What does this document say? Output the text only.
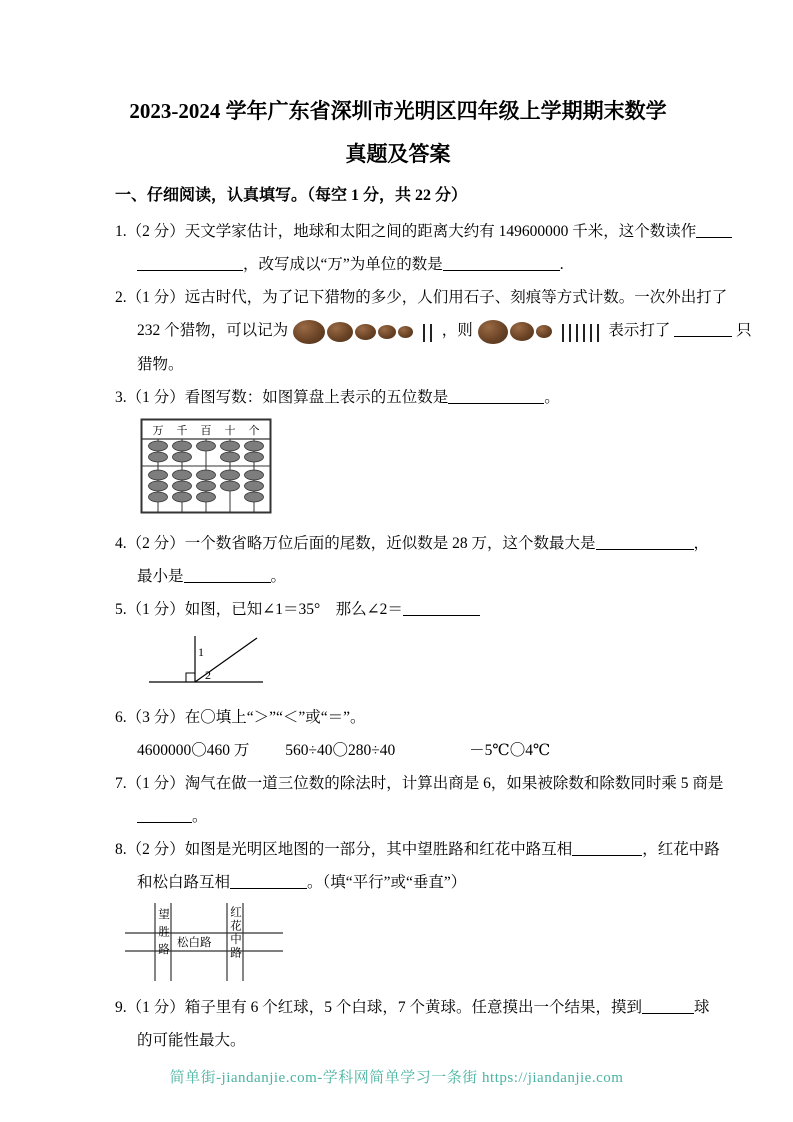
2023-2024 学年广东省深圳市光明区四年级上学期期末数学
真题及答案
一、仔细阅读，认真填写。（每空 1 分，共 22 分）
1.（2 分）天文学家估计，地球和太阳之间的距离大约有 149600000 千米，这个数读作
，改写成以“万”为单位的数是	.
2.（1 分）远古时代，为了记下猎物的多少，人们用石子、刻痕等方式计数。一次外出打了
232 个猎物，可以记为	，则	表示打了	只
猎物。
3.（1 分）看图写数：如图算盘上表示的五位数是	。
万 千 百 十 个
4.（2 分）一个数省略万位后面的尾数，近似数是 28 万，这个数最大是	，
最小是	。
5.（1 分）如图，已知∠1＝35°　那么∠2＝
1
2
6.（3 分）在〇填上“＞”“＜”或“＝”。
4600000〇460 万 560÷40〇280÷40	－5℃〇4℃
7.（1 分）淘气在做一道三位数的除法时，计算出商是 6，如果被除数和除数同时乘 5 商是
。
8.（2 分）如图是光明区地图的一部分，其中望胜路和红花中路互相	，红花中路
和松白路互相	。（填“平行”或“垂直”）
望胜路 松白路 红花中路
9.（1 分）箱子里有 6 个红球，5 个白球，7 个黄球。任意摸出一个结果，摸到	球
的可能性最大。
简单街-jiandanjie.com-学科网简单学习一条街 https://jiandanjie.com
